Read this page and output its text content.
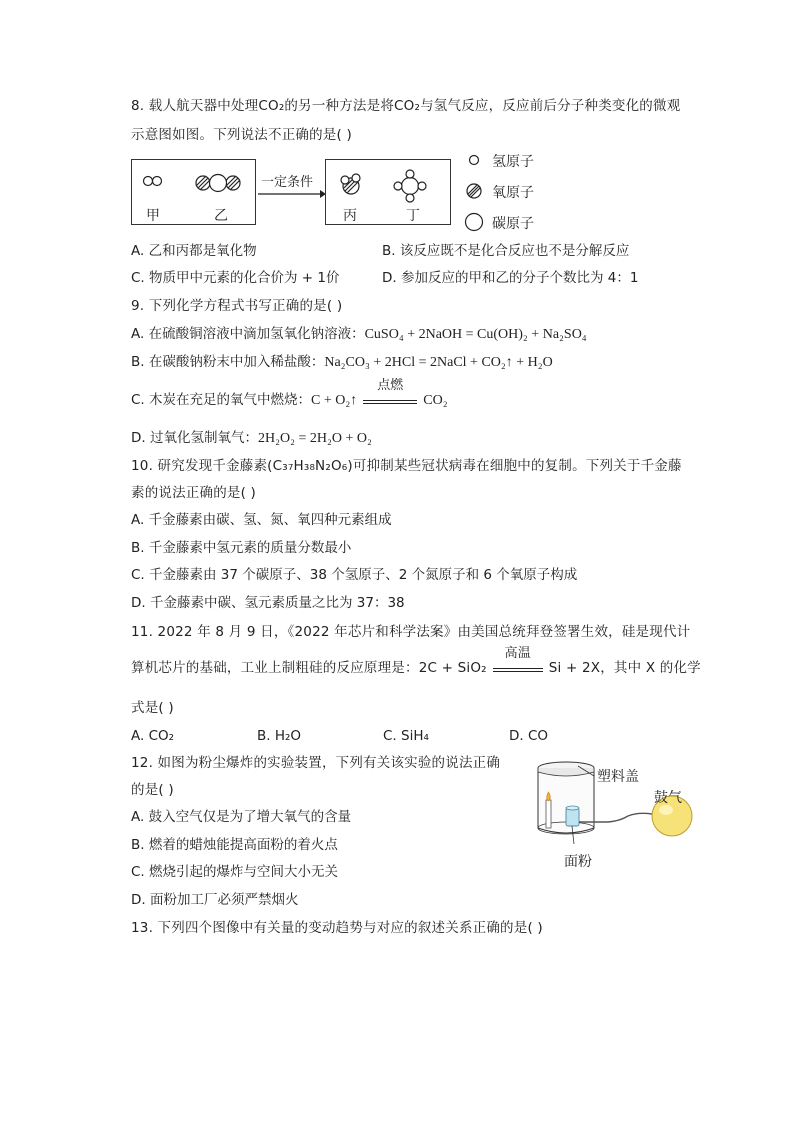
8. 载人航天器中处理CO₂的另一种方法是将CO₂与氢气反应，反应前后分子种类变化的微观
示意图如图。下列说法不正确的是( )
甲	乙
一定条件
丙	丁
氢原子
氧原子
碳原子
A. 乙和丙都是氧化物	B. 该反应既不是化合反应也不是分解反应
C. 物质甲中元素的化合价为 + 1价	D. 参加反应的甲和乙的分子个数比为 4：1
9. 下列化学方程式书写正确的是( )
A. 在硫酸铜溶液中滴加氢氧化钠溶液：CuSO₄ + 2NaOH = Cu(OH)₂ + Na₂SO₄
B. 在碳酸钠粉末中加入稀盐酸：Na₂CO₃ + 2HCl = 2NaCl + CO₂↑ + H₂O
C. 木炭在充足的氧气中燃烧：C + O₂↑
点燃
CO₂
D. 过氧化氢制氧气：2H₂O₂ = 2H₂O + O₂
10. 研究发现千金藤素(C₃₇H₃₈N₂O₆)可抑制某些冠状病毒在细胞中的复制。下列关于千金藤
素的说法正确的是( )
A. 千金藤素由碳、氢、氮、氧四种元素组成
B. 千金藤素中氢元素的质量分数最小
C. 千金藤素由 37 个碳原子、38 个氢原子、2 个氮原子和 6 个氧原子构成
D. 千金藤素中碳、氢元素质量之比为 37：38
11. 2022 年 8 月 9 日，《2022 年芯片和科学法案》由美国总统拜登签署生效，硅是现代计
算机芯片的基础，工业上制粗硅的反应原理是：2C + SiO₂
高温
Si + 2X，其中 X 的化学
式是( )
A. CO₂	B. H₂O	C. SiH₄	D. CO
12. 如图为粉尘爆炸的实验装置，下列有关该实验的说法正确
的是( )
A. 鼓入空气仅是为了增大氧气的含量
B. 燃着的蜡烛能提高面粉的着火点
C. 燃烧引起的爆炸与空间大小无关
D. 面粉加工厂必须严禁烟火
塑料盖
鼓气
面粉
13. 下列四个图像中有关量的变动趋势与对应的叙述关系正确的是( )
